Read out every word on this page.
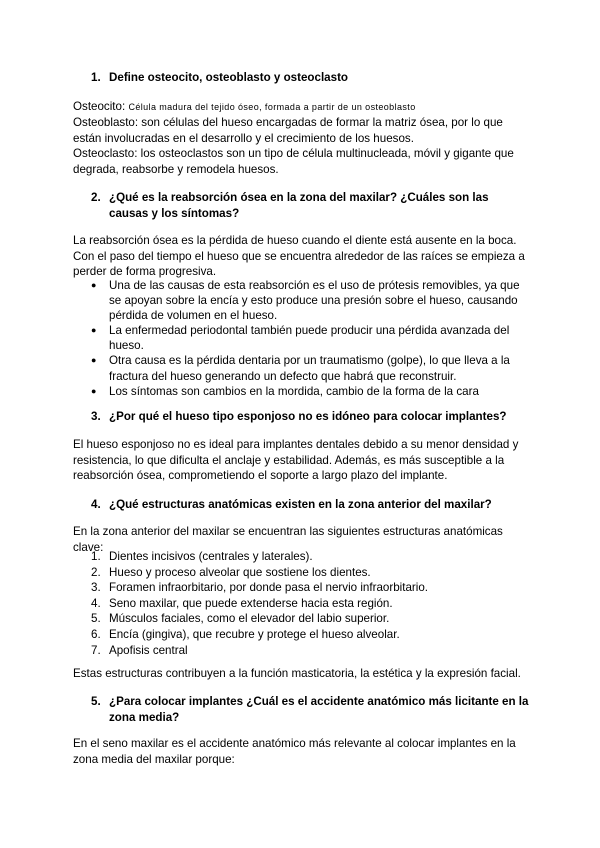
1. Define osteocito, osteoblasto y osteoclasto
Osteocito: Célula madura del tejido óseo, formada a partir de un osteoblasto
Osteoblasto: son células del hueso encargadas de formar la matriz ósea, por lo que están involucradas en el desarrollo y el crecimiento de los huesos.
Osteoclasto: los osteoclastos son un tipo de célula multinucleada, móvil y gigante que degrada, reabsorbe y remodela huesos.
2. ¿Qué es la reabsorción ósea en la zona del maxilar? ¿Cuáles son las causas y los síntomas?
La reabsorción ósea es la pérdida de hueso cuando el diente está ausente en la boca. Con el paso del tiempo el hueso que se encuentra alrededor de las raíces se empieza a perder de forma progresiva.
● Una de las causas de esta reabsorción es el uso de prótesis removibles, ya que se apoyan sobre la encía y esto produce una presión sobre el hueso, causando pérdida de volumen en el hueso.
● La enfermedad periodontal también puede producir una pérdida avanzada del hueso.
● Otra causa es la pérdida dentaria por un traumatismo (golpe), lo que lleva a la fractura del hueso generando un defecto que habrá que reconstruir.
● Los síntomas son cambios en la mordida, cambio de la forma de la cara
3. ¿Por qué el hueso tipo esponjoso no es idóneo para colocar implantes?
El hueso esponjoso no es ideal para implantes dentales debido a su menor densidad y resistencia, lo que dificulta el anclaje y estabilidad. Además, es más susceptible a la reabsorción ósea, comprometiendo el soporte a largo plazo del implante.
4. ¿Qué estructuras anatómicas existen en la zona anterior del maxilar?
En la zona anterior del maxilar se encuentran las siguientes estructuras anatómicas clave:
1. Dientes incisivos (centrales y laterales).
2. Hueso y proceso alveolar que sostiene los dientes.
3. Foramen infraorbitario, por donde pasa el nervio infraorbitario.
4. Seno maxilar, que puede extenderse hacia esta región.
5. Músculos faciales, como el elevador del labio superior.
6. Encía (gingiva), que recubre y protege el hueso alveolar.
7. Apofisis central
Estas estructuras contribuyen a la función masticatoria, la estética y la expresión facial.
5. ¿Para colocar implantes ¿Cuál es el accidente anatómico más licitante en la zona media?
En el seno maxilar es el accidente anatómico más relevante al colocar implantes en la zona media del maxilar porque:
